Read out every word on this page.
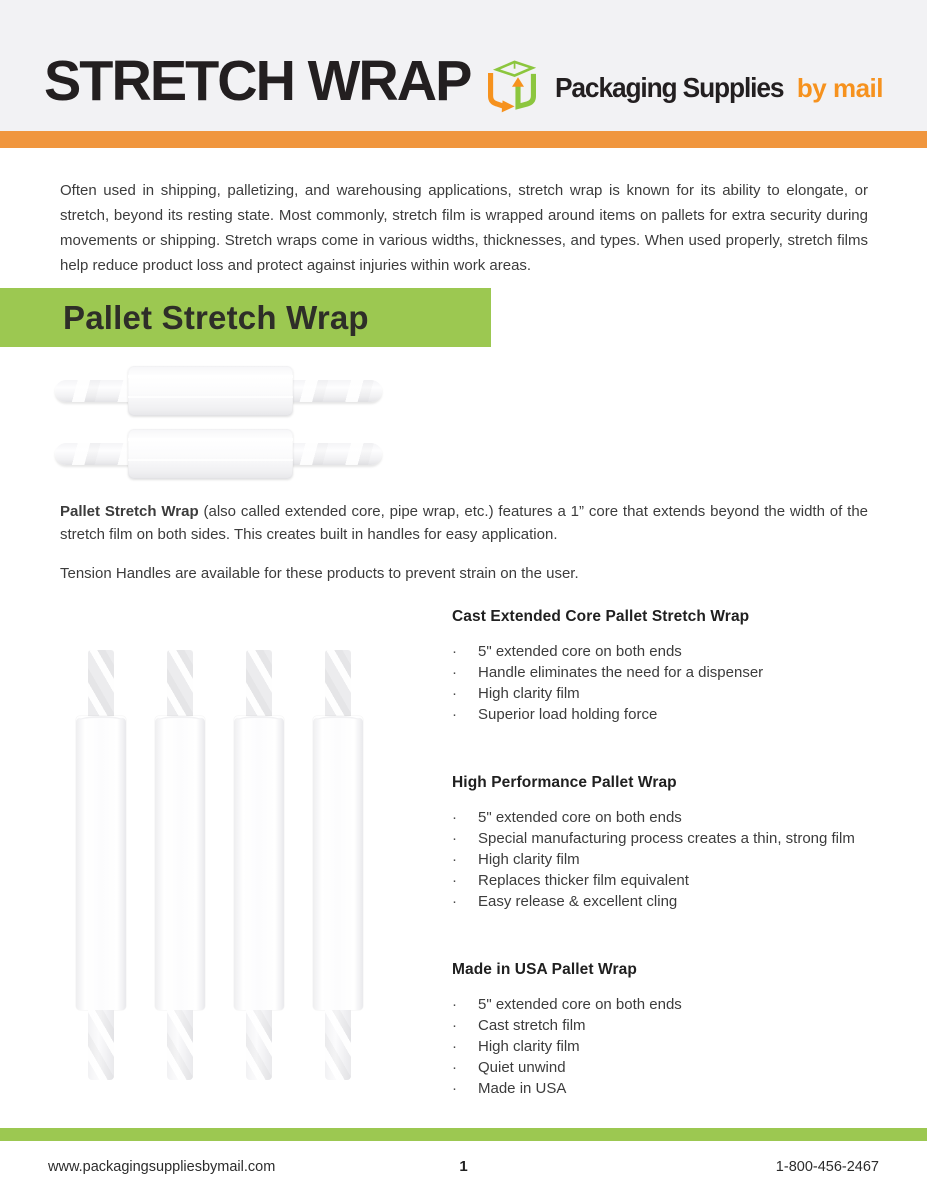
STRETCH WRAP	Packaging Supplies by mail

Often used in shipping, palletizing, and warehousing applications, stretch wrap is known for its ability to elongate, or stretch, beyond its resting state. Most commonly, stretch film is wrapped around items on pallets for extra security during movements or shipping. Stretch wraps come in various widths, thicknesses, and types. When used properly, stretch films help reduce product loss and protect against injuries within work areas.

Pallet Stretch Wrap

Pallet Stretch Wrap (also called extended core, pipe wrap, etc.) features a 1” core that extends beyond the width of the stretch film on both sides. This creates built in handles for easy application.

Tension Handles are available for these products to prevent strain on the user.

Cast Extended Core Pallet Stretch Wrap
·	5" extended core on both ends
·	Handle eliminates the need for a dispenser
·	High clarity film
·	Superior load holding force
High Performance Pallet Wrap
·	5" extended core on both ends
·	Special manufacturing process creates a thin, strong film
·	High clarity film
·	Replaces thicker film equivalent
·	Easy release & excellent cling
Made in USA Pallet Wrap
·	5" extended core on both ends
·	Cast stretch film
·	High clarity film
·	Quiet unwind
·	Made in USA
www.packagingsuppliesbymail.com	1	1-800-456-2467
